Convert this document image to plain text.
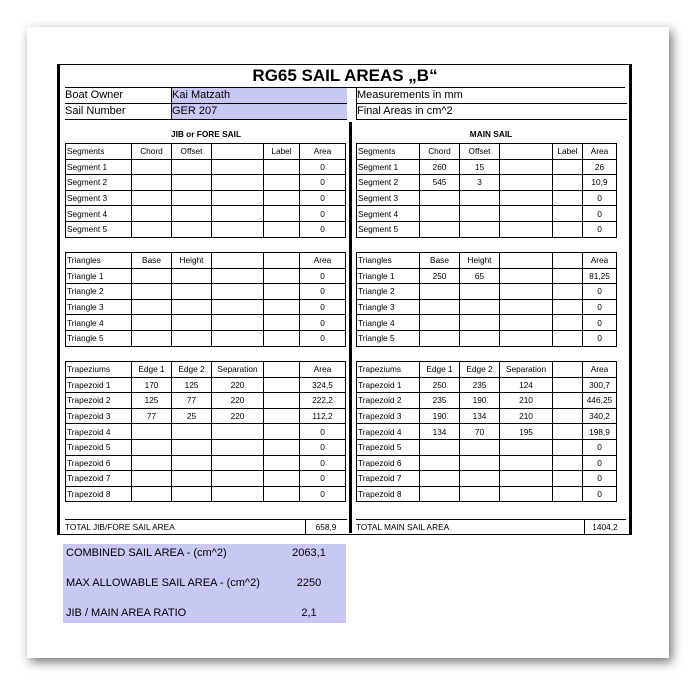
RG65 SAIL AREAS „B“
Boat Owner	Kai Matzath
Sail Number	GER 207
Measurements in mm
Final Areas in cm^2
JIB or FORE SAIL	MAIN SAIL
Segments	Chord	Offset		Label	Area
Segment 1					0
Segment 2					0
Segment 3					0
Segment 4					0
Segment 5					0
Triangles	Base	Height			Area
Triangle 1					0
Triangle 2					0
Triangle 3					0
Triangle 4					0
Triangle 5					0
Trapeziums	Edge 1	Edge 2	Separation		Area
Trapezoid 1	170	125	220		324,5
Trapezoid 2	125	77	220		222,2
Trapezoid 3	77	25	220		112,2
Trapezoid 4					0
Trapezoid 5					0
Trapezoid 6					0
Trapezoid 7					0
Trapezoid 8					0
Segments	Chord	Offset		Label	Area
Segment 1	260	15			26
Segment 2	545	3			10,9
Segment 3					0
Segment 4					0
Segment 5					0
Triangles	Base	Height			Area
Triangle 1	250	65			81,25
Triangle 2					0
Triangle 3					0
Triangle 4					0
Triangle 5					0
Trapeziums	Edge 1	Edge 2	Separation		Area
Trapezoid 1	250	235	124		300,7
Trapezoid 2	235	190	210		446,25
Trapezoid 3	190	134	210		340,2
Trapezoid 4	134	70	195		198,9
Trapezoid 5					0
Trapezoid 6					0
Trapezoid 7					0
Trapezoid 8					0
TOTAL JIB/FORE SAIL AREA	658,9	TOTAL MAIN SAIL AREA	1404,2
COMBINED SAIL AREA - (cm^2)	2063,1
MAX ALLOWABLE SAIL AREA - (cm^2)	2250
JIB / MAIN AREA RATIO	2,1
